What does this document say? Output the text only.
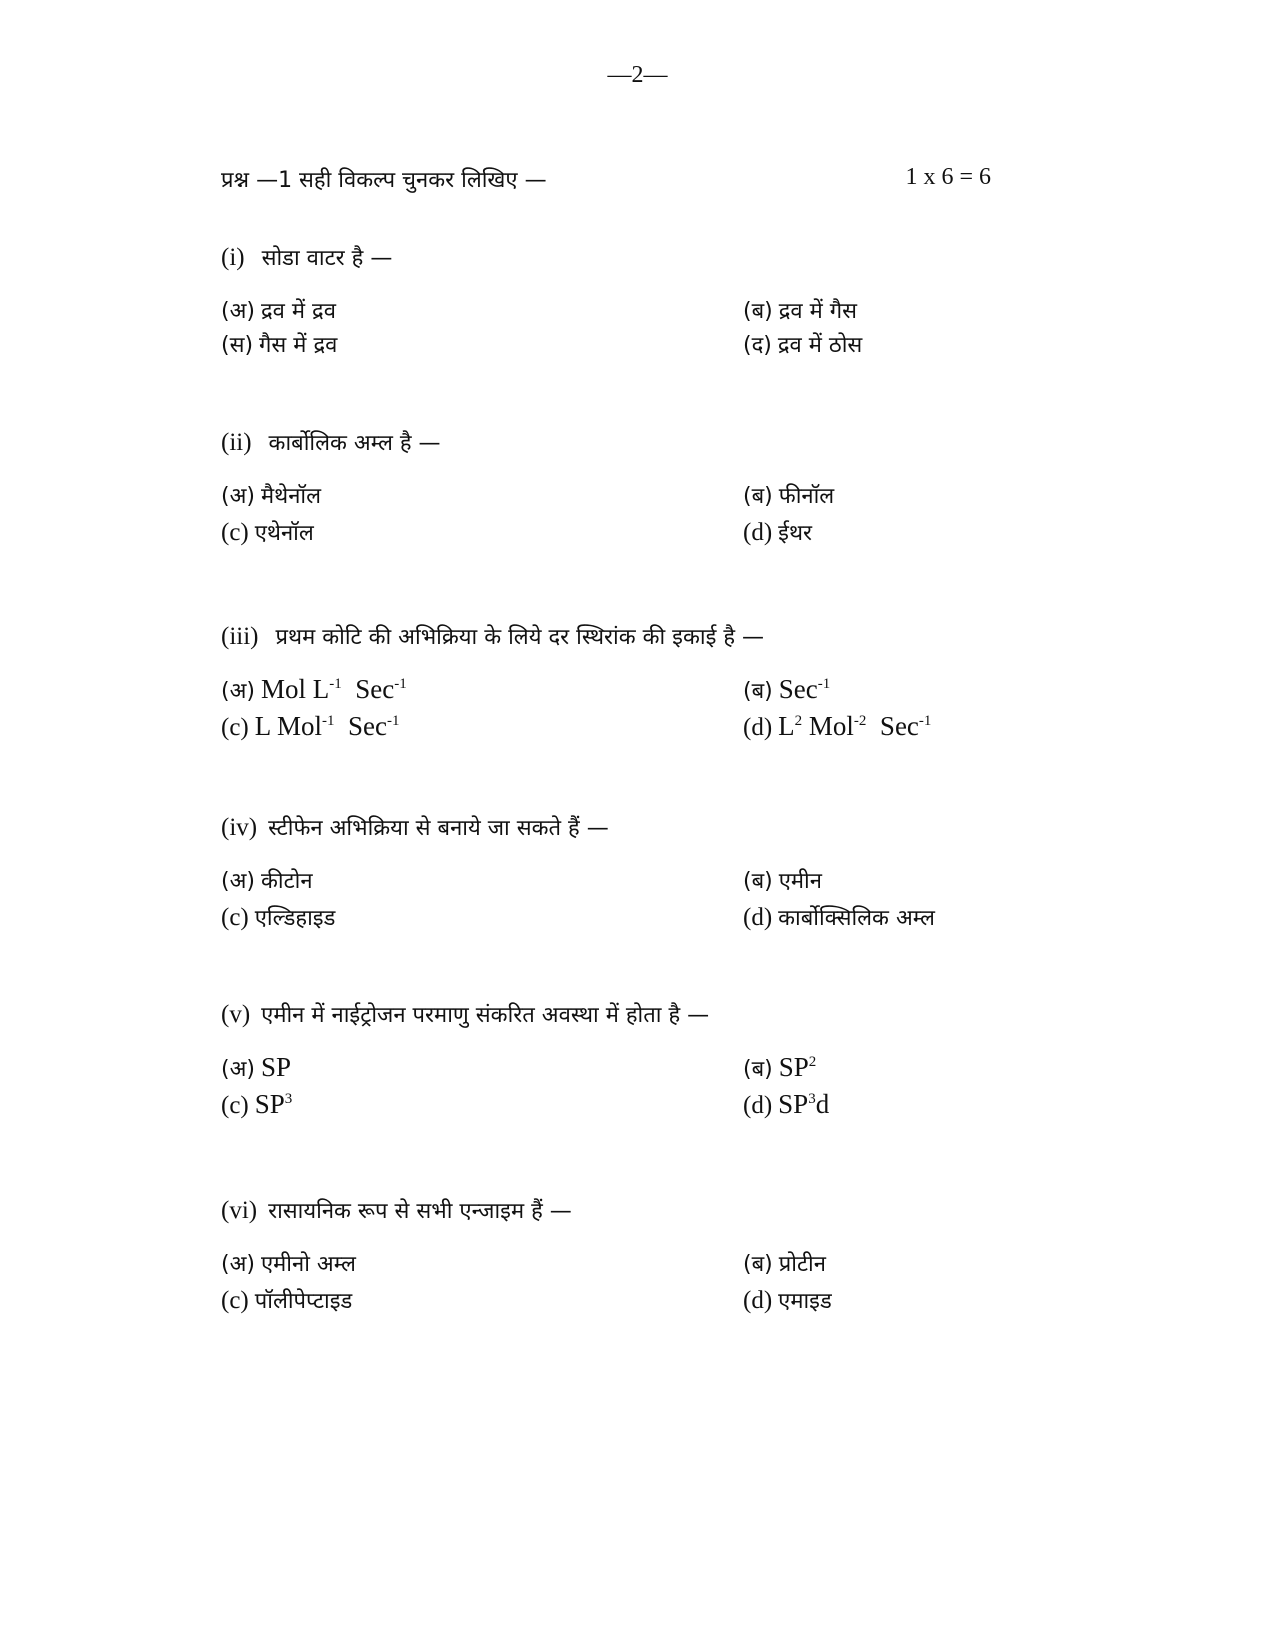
—2—
प्रश्न —1 सही विकल्प चुनकर लिखिए —	1 x 6 = 6
(i) सोडा वाटर है —
(अ) द्रव में द्रव	(ब) द्रव में गैस
(स) गैस में द्रव	(द) द्रव में ठोस
(ii) कार्बोलिक अम्ल है —
(अ) मैथेनॉल	(ब) फीनॉल
(c) एथेनॉल	(d) ईथर
(iii) प्रथम कोटि की अभिक्रिया के लिये दर स्थिरांक की इकाई है —
(अ) Mol $L^{-1}$ Sec$^{-1}$	(ब) Sec$^{-1}$
(c) L Mol$^{-1}$ Sec$^{-1}$	(d) $L^2$ Mol$^{-2}$ Sec$^{-1}$
(iv) स्टीफेन अभिक्रिया से बनाये जा सकते हैं —
(अ) कीटोन	(ब) एमीन
(c) एल्डिहाइड	(d) कार्बोक्सिलिक अम्ल
(v) एमीन में नाईट्रोजन परमाणु संकरित अवस्था में होता है —
(अ) SP	(ब) $SP^2$
(c) $SP^3$	(d) $SP^3d$
(vi) रासायनिक रूप से सभी एन्जाइम हैं —
(अ) एमीनो अम्ल	(ब) प्रोटीन
(c) पॉलीपेप्टाइड	(d) एमाइड
